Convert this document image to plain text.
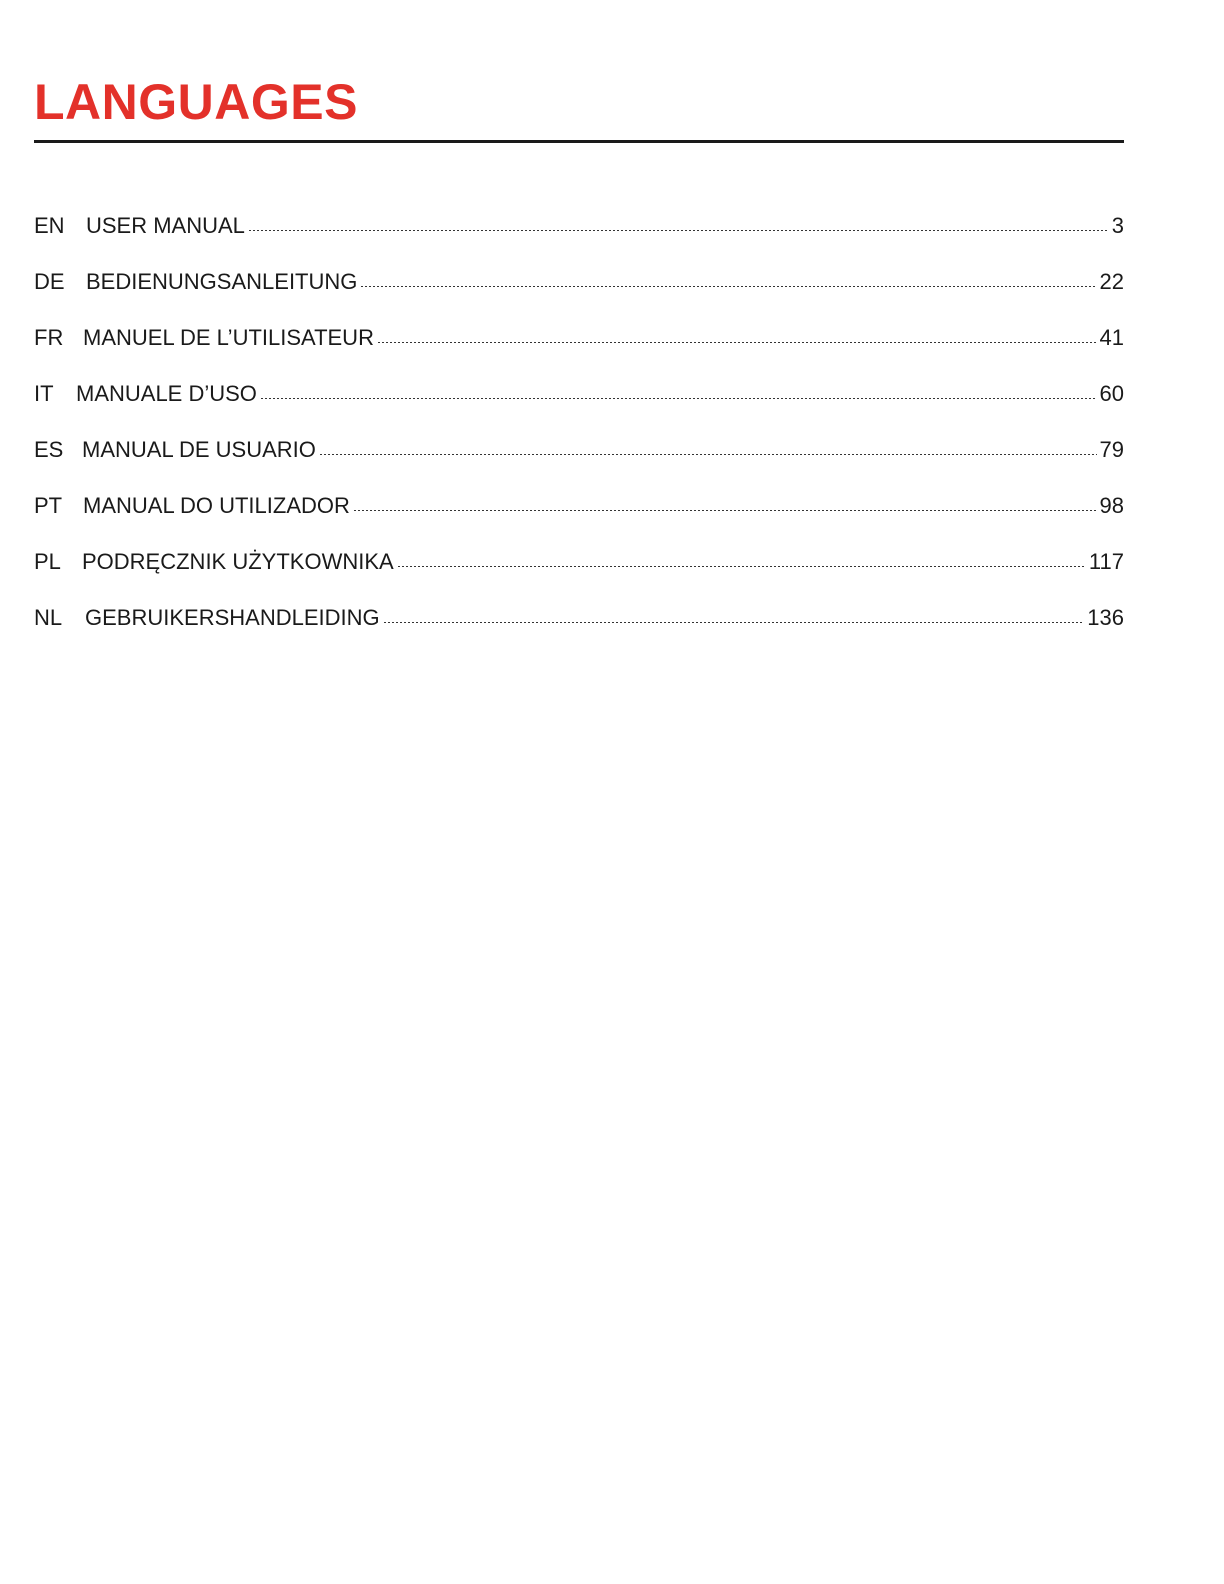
LANGUAGES
EN USER MANUAL	3
DE BEDIENUNGSANLEITUNG	22
FR MANUEL DE L’UTILISATEUR	41
IT	MANUALE D’USO	60
ES MANUAL DE USUARIO	79
PT MANUAL DO UTILIZADOR	98
PL PODRĘCZNIK UŻYTKOWNIKA	117
NL	GEBRUIKERSHANDLEIDING	136
